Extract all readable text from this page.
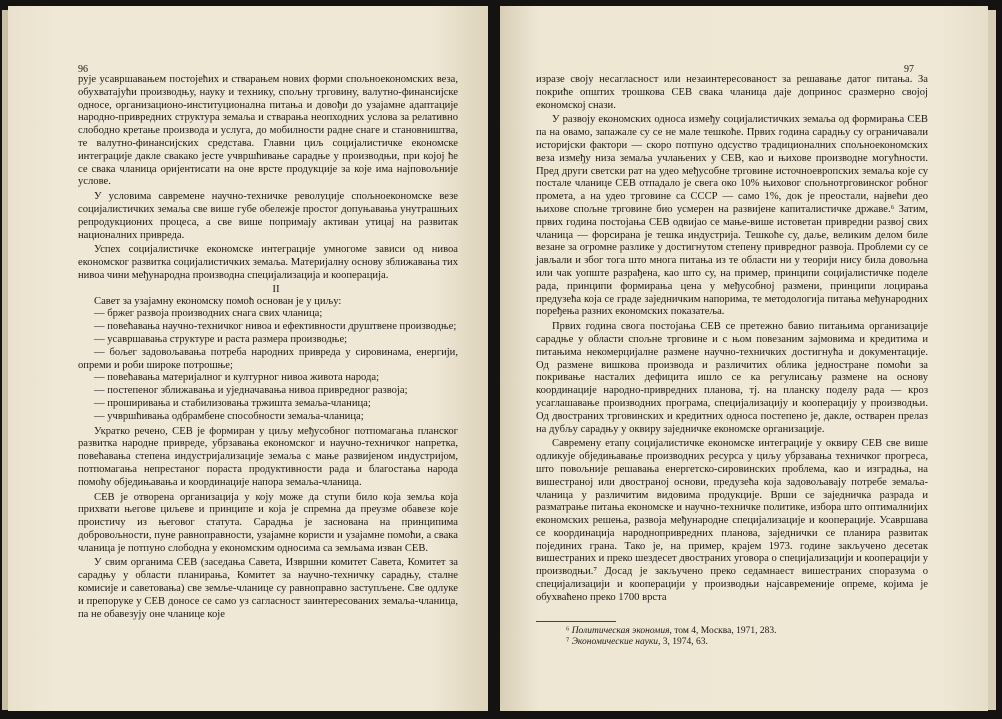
96

рује усавршавањем постојећих и стварањем нових форми спољноекономских веза, обухватајући производњу, науку и технику, спољну трговину, валутно-финансијске односе, организационо-институционална питања и довођи до узајамне адаптације народно-привредних структура земаља и стварања неопходних услова за релативно слободно кретање производа и услуга, до мобилности радне снаге и становништва, те валутно-финансијских средстава. Главни циљ социјалистичке економске интеграције дакле свакако јесте учвршћивање сарадње у производњи, при којој ће се свака чланица оријентисати на оне врсте продукције за које има најповољније услове.

У условима савремене научно-техничке револуције спољноекономске везе социјалистичких земаља све више губе обележје простог допуњавања унутрашњих репродукционих процеса, а све више попримају активан утицај на развитак националних привреда.

Успех социјалистичке економске интеграције умногоме зависи од нивоа економског развитка социјалистичких земаља. Материјалну основу зближавања тих нивоа чини међународна производна специјализација и кооперација.

II

Савет за узајамну економску помоћ основан је у циљу:

— бржег развоја производних снага свих чланица;

— повећавања научно-техничког нивоа и ефективности друштвене производње;

— усавршавања структуре и раста размера производње;

— бољег задовољавања потреба народних привреда у сировинама, енергији, опреми и роби широке потрошње;

— повећавања материјалног и културног нивоа живота народа;

— постепеног зближавања и уједначавања нивоа привредног развоја;

— проширивања и стабилизовања тржишта земаља-чланица;

— учвршћивања одбрамбене способности земаља-чланица;

Укратко речено, СЕВ је формиран у циљу међусобног потпомагања планског развитка народне привреде, убрзавања економског и научно-техничког напретка, повећавања степена индустријализације земаља с мање развијеном индустријом, потпомагања непрестаног пораста продуктивности рада и благостања народа помоћу обједињавања и координације напора земаља-чланица.

СЕВ је отворена организација у коју може да ступи било која земља која прихвати његове циљеве и принципе и која је спремна да преузме обавезе које проистичу из његовог статута. Сарадња је заснована на принципима добровољности, пуне равноправности, узајамне користи и узајамне помоћи, а свака чланица је потпуно слободна у економским односима са земљама изван СЕВ.

У свим органима СЕВ (заседања Савета, Извршни комитет Савета, Комитет за сарадњу у области планирања, Комитет за научно-техничку сарадњу, сталне комисије и саветовања) све земље-чланице су равноправно заступљене. Све одлуке и препоруке у СЕВ доносе се само уз сагласност заинтересованих земаља-чланица, па не обавезују оне чланице које

97

изразе своју несагласност или незаинтересованост за решавање датог питања. За покриће општих трошкова СЕВ свака чланица даје допринос сразмерно својој економској снази.

У развоју економских односа између социјалистичких земаља од формирања СЕВ па на овамо, запажале су се не мале тешкоће. Првих година сарадњу су ограничавали историјски фактори — скоро потпуно одсуство традиционалних спољноекономских веза између низа земаља учлањених у СЕВ, као и њихове производне могућности. Пред други светски рат на удео међусобне трговине источноевропских земаља које су постале чланице СЕВ отпадало је свега око 10% њиховог спољнотрговинског робног промета, а на удео трговине са СССР — само 1%, док је преостали, највећи део њихове спољне трговине био усмерен на развијене капиталистичке државе.⁶ Затим, првих година постојања СЕВ одвијао се мање-више истоветан привредни развој свих чланица — форсирана је тешка индустрија. Тешкоће су, даље, великим делом биле везане за огромне разлике у достигнутом степену привредног развоја. Проблеми су се јављали и због тога што многа питања из те области ни у теорији нису била довољна или чак уопште разрађена, као што су, на пример, принципи социјалистичке поделе рада, принципи формирања цена у међусобној размени, принципи лоцирања предузећа која се граде заједничким напорима, те методологија питања међународних поређења разних економских показатеља.

Првих година свога постојања СЕВ се претежно бавио питањима организације сарадње у области спољне трговине и с њом повезаним зајмовима и кредитима и питањима некомерцијалне размене научно-техничких достигнућа и документације. Од размене вишкова производа и различитих облика једностране помоћи за покривање насталих дефицита ишло се ка регулисању размене на основу координације народно-привредних планова, тј. на планску поделу рада — кроз усаглашавање производних програма, специјализацију и кооперацију у производњи. Од двостраних трговинских и кредитних односа постепено је, дакле, остварен прелаз на дубљу сарадњу у оквиру заједничке економске организације.

Савремену етапу социјалистичке економске интеграције у оквиру СЕВ све више одликује обједињавање производних ресурса у циљу убрзавања техничког прогреса, што повољније решавања енергетско-сировинских проблема, као и изградња, на вишестраној или двостраној основи, предузећа која задовољавају потребе земаља-чланица у различитим видовима продукције. Врши се заједничка разрада и разматрање питања економске и научно-техничке политике, избора што оптималнијих економских решења, развоја међународне специјализације и кооперације. Усавршава се координација народнопривредних планова, заједнички се планира развитак појединих грана. Тако је, на пример, крајем 1973. године закључено десетак вишестраних и преко шездесет двостраних уговора о специјализацији и кооперацији у производњи.⁷ Досад је закључено преко седамнаест вишестраних споразума о специјализацији и кооперацији у производњи најсавременије опреме, којима је обухваћено преко 1700 врста

⁶ Политическая экономия, том 4, Москва, 1971, 283.

⁷ Экономические науки, 3, 1974, 63.
